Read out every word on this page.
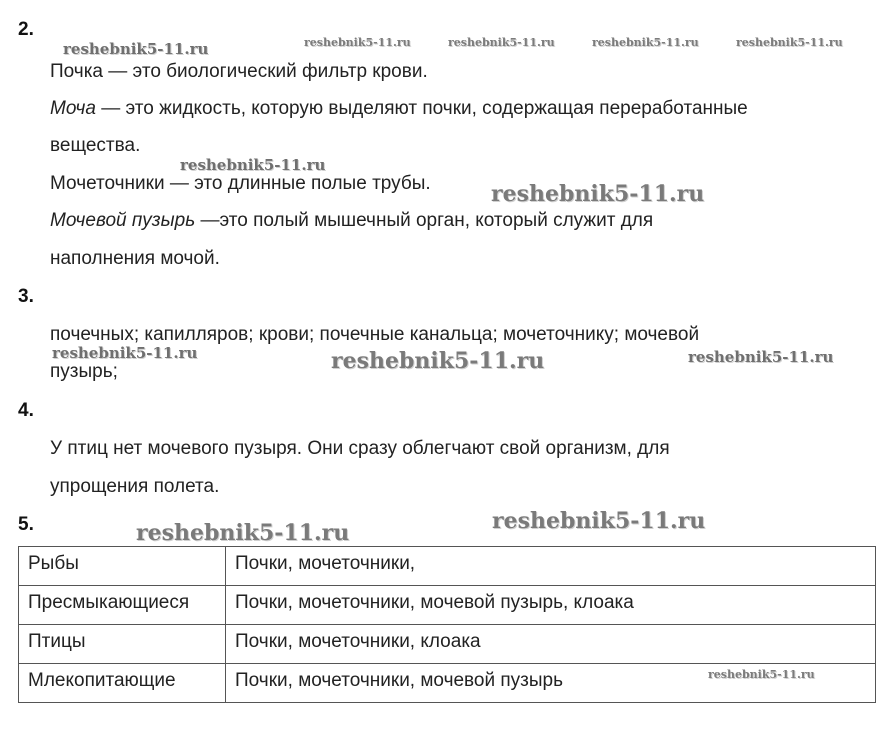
2.
Почка — это биологический фильтр крови.
Моча — это жидкость, которую выделяют почки, содержащая переработанные
вещества.
Мочеточники — это длинные полые трубы.
Мочевой пузырь —это полый мышечный орган, который служит для
наполнения мочой.
3.
почечных; капилляров; крови; почечные канальца; мочеточнику; мочевой
пузырь;
4.
У птиц нет мочевого пузыря. Они сразу облегчают свой организм, для
упрощения полета.
5.
Рыбы	Почки, мочеточники,
Пресмыкающиеся	Почки, мочеточники, мочевой пузырь, клоака
Птицы	Почки, мочеточники, клоака
Млекопитающие	Почки, мочеточники, мочевой пузырь
reshebnik5-11.ru	reshebnik5-11.ru	reshebnik5-11.ru	reshebnik5-11.ru	reshebnik5-11.ru
reshebnik5-11.ru
reshebnik5-11.ru
reshebnik5-11.ru	reshebnik5-11.ru	reshebnik5-11.ru
reshebnik5-11.ru	reshebnik5-11.ru
reshebnik5-11.ru
